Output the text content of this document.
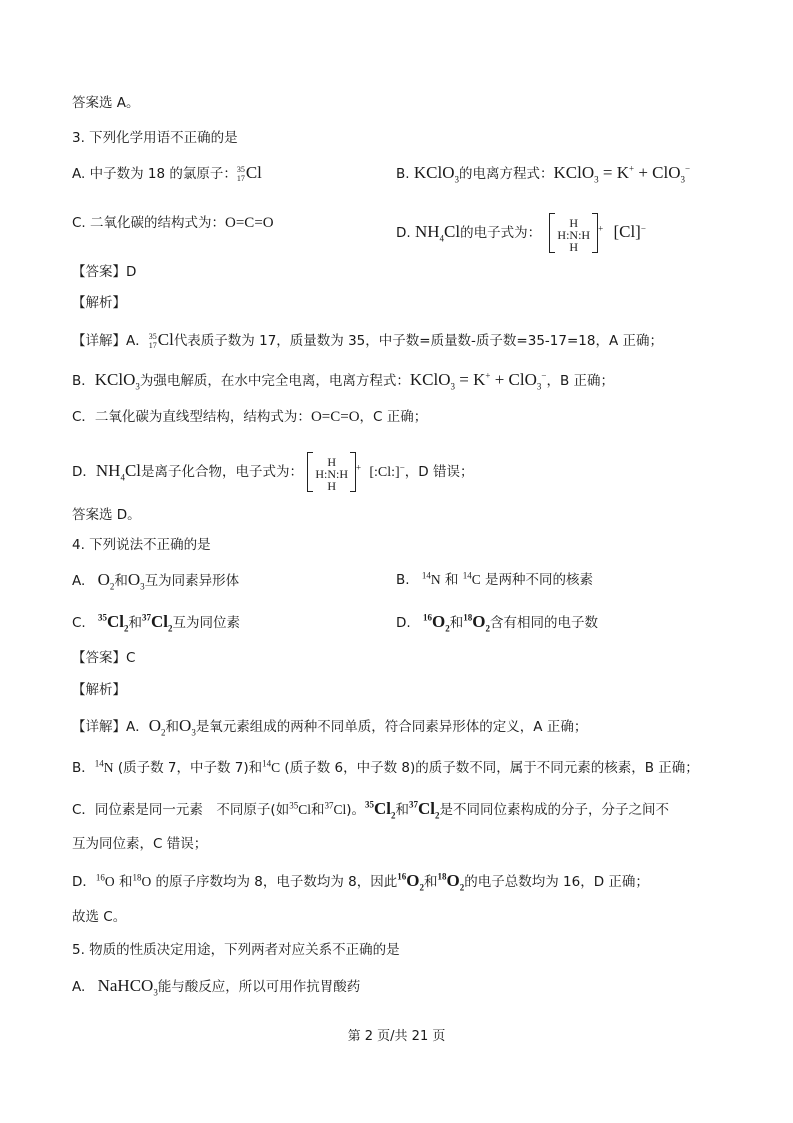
答案选 A。
3. 下列化学用语不正确的是
A. 中子数为 18 的氯原子： 35
17 Cl	B. KClO$_3$的电离方程式：KClO$_3$ = K+ + ClO$_3$−
C. 二氧化碳的结构式为：O=C=O
D. $NH_4Cl$的电子式为：
H
H:N:H
H
+ [Cl]−
【答案】D
【解析】
【详解】A． 35
17 Cl代表质子数为 17，质量数为 35，中子数=质量数-质子数=35-17=18，A 正确；
B．KClO$_3$为强电解质，在水中完全电离，电离方程式：KClO$_3$ = K+ + ClO$_3$−，B 正确；
C．二氧化碳为直线型结构，结构式为：O=C=O，C 正确；
D．$NH_4Cl$是离子化合物，电子式为：
H
H:N:H
H
+ [:Cl:]−，D 错误；
答案选 D。
4. 下列说法不正确的是
A. $O_2$和$O_3$互为同素异形体	B. $^{14}$N 和 $^{14}$C 是两种不同的核素
C. $^{35}Cl_2$和$^{37}Cl_2$互为同位素	D. $^{16}O_2$和$^{18}O_2$含有相同的电子数
【答案】C
【解析】
【详解】A．$O_2$和$O_3$是氧元素组成的两种不同单质，符合同素异形体的定义，A 正确；
B．$^{14}$N (质子数 7，中子数 7)和$^{14}$C (质子数 6，中子数 8)的质子数不同，属于不同元素的核素，B 正确；
C．同位素是同一元素　不同原子(如$^{35}$Cl和$^{37}$Cl)。$^{35}Cl_2$和$^{37}Cl_2$是不同同位素构成的分子，分子之间不
互为同位素，C 错误；
D．$^{16}$O 和$^{18}$O 的原子序数均为 8，电子数均为 8，因此$^{16}O_2$和$^{18}O_2$的电子总数均为 16，D 正确；
故选 C。
5. 物质的性质决定用途，下列两者对应关系不正确的是
A. NaHCO$_3$能与酸反应，所以可用作抗胃酸药
第 2 页/共 21 页
